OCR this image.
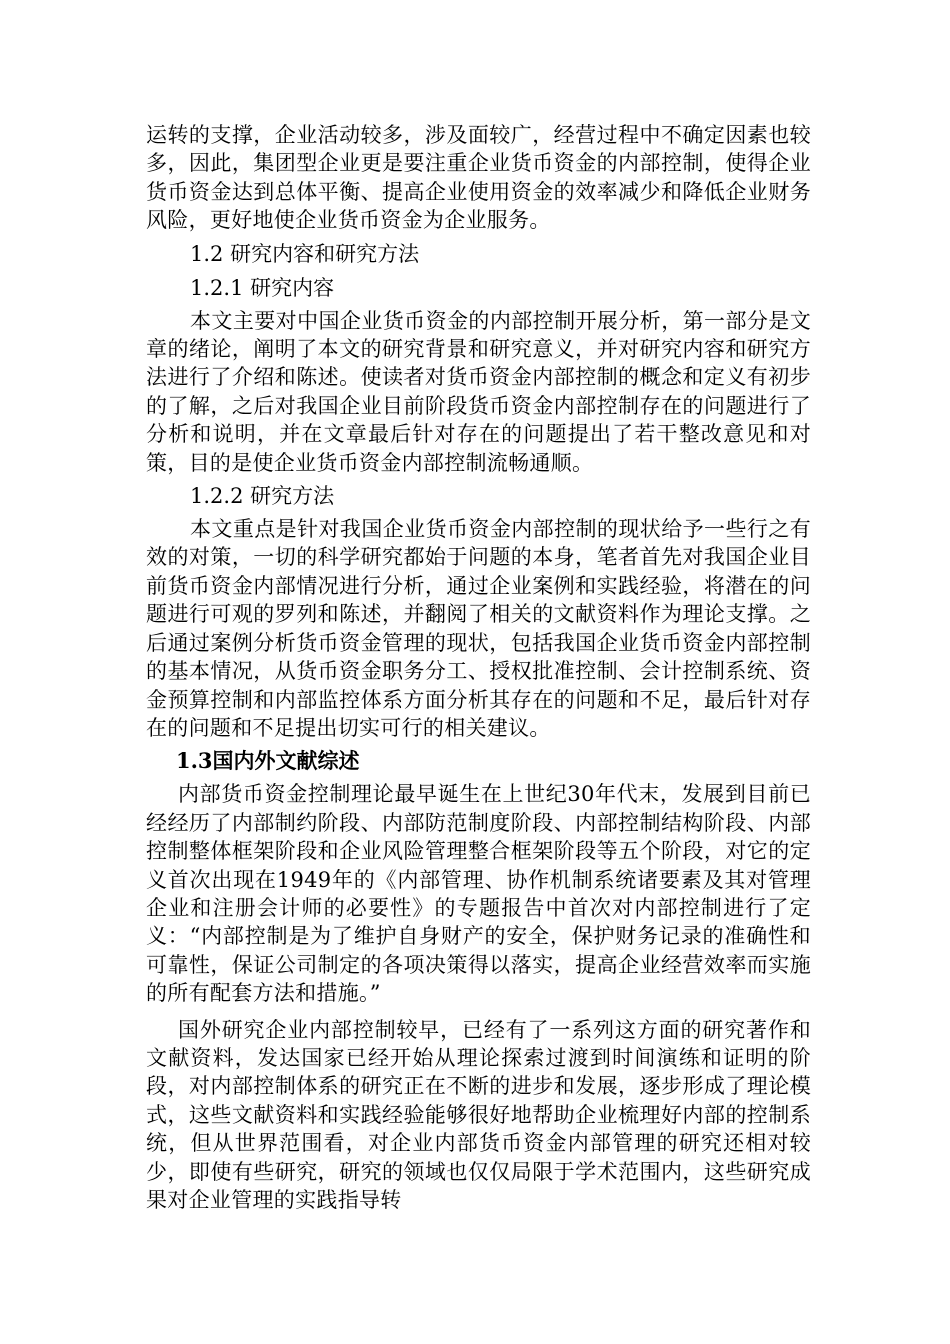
运转的支撑，企业活动较多，涉及面较广，经营过程中不确定因素也较多，因此，集团型企业更是要注重企业货币资金的内部控制，使得企业货币资金达到总体平衡、提高企业使用资金的效率减少和降低企业财务风险，更好地使企业货币资金为企业服务。

1.2 研究内容和研究方法
1.2.1 研究内容

本文主要对中国企业货币资金的内部控制开展分析，第一部分是文章的绪论，阐明了本文的研究背景和研究意义，并对研究内容和研究方法进行了介绍和陈述。使读者对货币资金内部控制的概念和定义有初步的了解，之后对我国企业目前阶段货币资金内部控制存在的问题进行了分析和说明，并在文章最后针对存在的问题提出了若干整改意见和对策，目的是使企业货币资金内部控制流畅通顺。

1.2.2 研究方法

本文重点是针对我国企业货币资金内部控制的现状给予一些行之有效的对策，一切的科学研究都始于问题的本身，笔者首先对我国企业目前货币资金内部情况进行分析，通过企业案例和实践经验，将潜在的问题进行可观的罗列和陈述，并翻阅了相关的文献资料作为理论支撑。之后通过案例分析货币资金管理的现状，包括我国企业货币资金内部控制的基本情况，从货币资金职务分工、授权批准控制、会计控制系统、资金预算控制和内部监控体系方面分析其存在的问题和不足，最后针对存在的问题和不足提出切实可行的相关建议。

1.3国内外文献综述

内部货币资金控制理论最早诞生在上世纪30年代末，发展到目前已经经历了内部制约阶段、内部防范制度阶段、内部控制结构阶段、内部控制整体框架阶段和企业风险管理整合框架阶段等五个阶段，对它的定义首次出现在1949年的《内部管理、协作机制系统诸要素及其对管理企业和注册会计师的必要性》的专题报告中首次对内部控制进行了定义：“内部控制是为了维护自身财产的安全，保护财务记录的准确性和可靠性，保证公司制定的各项决策得以落实，提高企业经营效率而实施的所有配套方法和措施。”

国外研究企业内部控制较早，已经有了一系列这方面的研究著作和文献资料，发达国家已经开始从理论探索过渡到时间演练和证明的阶段，对内部控制体系的研究正在不断的进步和发展，逐步形成了理论模式，这些文献资料和实践经验能够很好地帮助企业梳理好内部的控制系统，但从世界范围看，对企业内部货币资金内部管理的研究还相对较少，即使有些研究，研究的领域也仅仅局限于学术范围内，这些研究成果对企业管理的实践指导转
